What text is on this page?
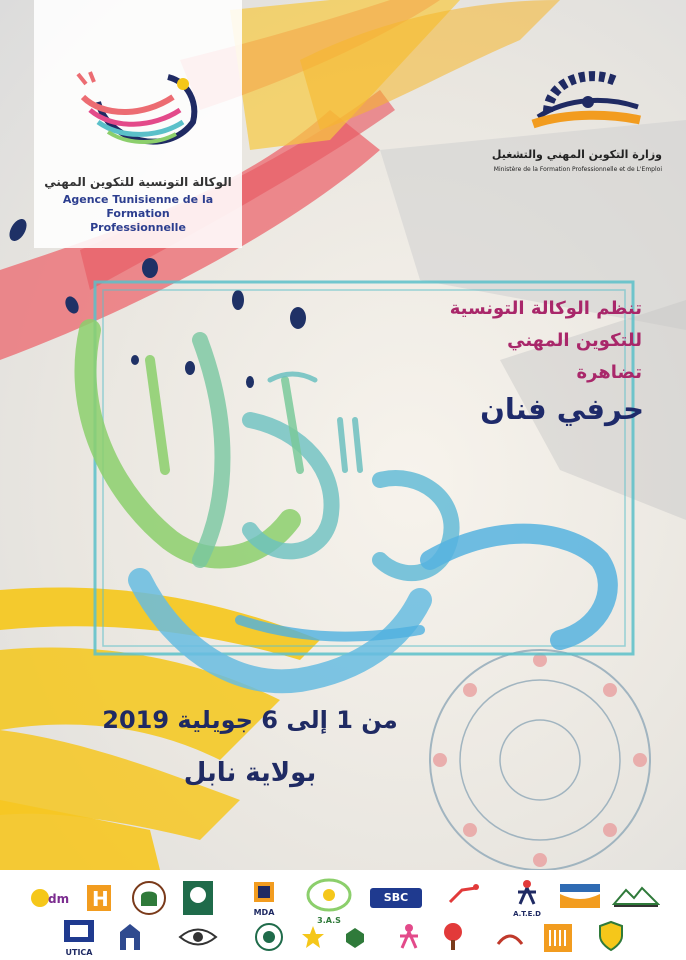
الوكالة التونسية للتكوين المهني
Agence Tunisienne de la Formation
Professionnelle
وزارة التكوين المهني والتشغيل
Ministère de la Formation Professionnelle et de L'Emploi
تنظم الوكالة التونسية
للتكوين المهني
تضاهرة
حرفي فنان
من 1 إلى 6 جويلية 2019
بولاية نابل
dm H
MDA
3.A.S
SBC
A.T.E.D
UTICA
